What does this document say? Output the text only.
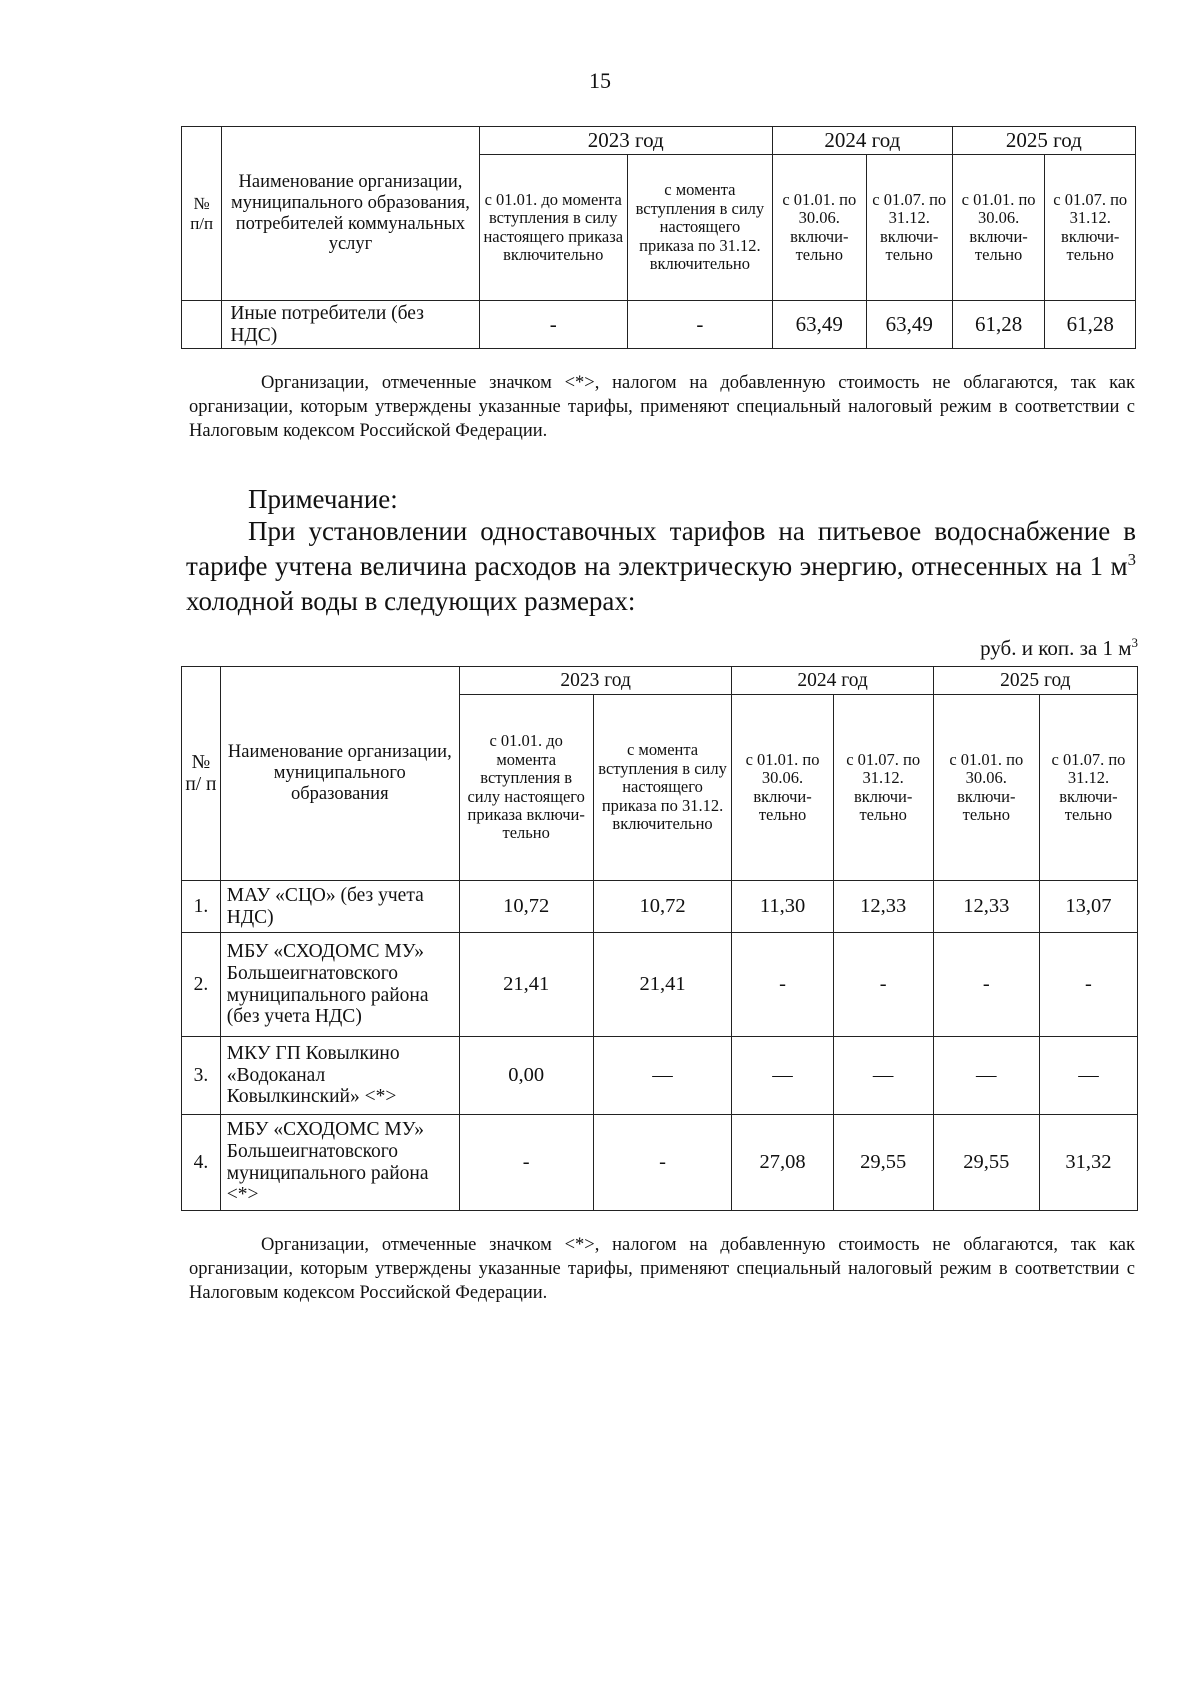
15
№ п/п	Наименование организации, муниципального образования, потребителей коммунальных услуг	2023 год		2024 год		2025 год	
		с 01.01. до момента вступления в силу настоящего приказа включительно	с момента вступления в силу настоящего приказа по 31.12. включительно	с 01.01. по 30.06. включи-тельно	с 01.07. по 31.12. включи-тельно	с 01.01. по 30.06. включи-тельно	с 01.07. по 31.12. включи-тельно
	Иные потребители (без НДС)	-	-	63,49	63,49	61,28	61,28

Организации, отмеченные значком <*>, налогом на добавленную стоимость не облагаются, так как организации, которым утверждены указанные тарифы, применяют специальный налоговый режим в соответствии с Налоговым кодексом Российской Федерации.

Примечание:
При установлении одноставочных тарифов на питьевое водоснабжение в тарифе учтена величина расходов на электрическую энергию, отнесенных на 1 $м^3$ холодной воды в следующих размерах:
руб. и коп. за 1 $м^3$
№ п/ п	Наименование организации, муниципального образования	2023 год		2024 год		2025 год	
		с 01.01. до момента вступления в силу настоящего приказа включи-тельно	с момента вступления в силу настоящего приказа по 31.12. включительно	с 01.01. по 30.06. включи-тельно	с 01.07. по 31.12. включи-тельно	с 01.01. по 30.06. включи-тельно	с 01.07. по 31.12. включи-тельно
1.	МАУ «СЦО» (без учета НДС)	10,72	10,72	11,30	12,33	12,33	13,07
2.	МБУ «СХОДОМС МУ» Большеигнатовского муниципального района (без учета НДС)	21,41	21,41	-	-	-	-
3.	МКУ ГП Ковылкино «Водоканал Ковылкинский» <*>	0,00	—	—	—	—	—
4.	МБУ «СХОДОМС МУ» Большеигнатовского муниципального района <*>	-	-	27,08	29,55	29,55	31,32

Организации, отмеченные значком <*>, налогом на добавленную стоимость не облагаются, так как организации, которым утверждены указанные тарифы, применяют специальный налоговый режим в соответствии с Налоговым кодексом Российской Федерации.
